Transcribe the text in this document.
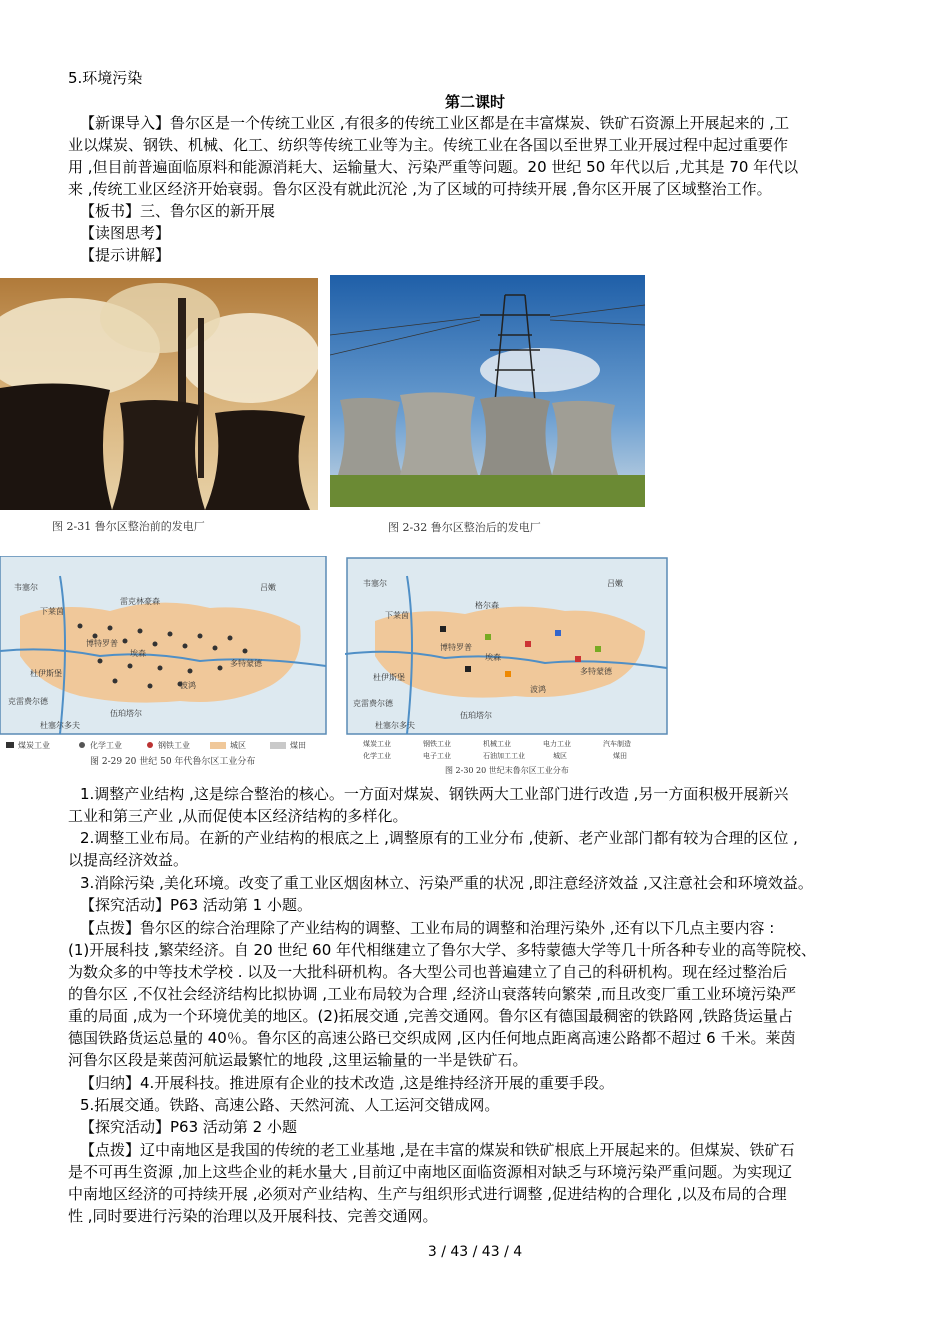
5.环境污染
第二课时
【新课导入】鲁尔区是一个传统工业区 ,有很多的传统工业区都是在丰富煤炭、铁矿石资源上开展起来的 ,工
业以煤炭、钢铁、机械、化工、纺织等传统工业等为主。传统工业在各国以至世界工业开展过程中起过重要作
用 ,但目前普遍面临原料和能源消耗大、运输量大、污染严重等问题。20 世纪 50 年代以后 ,尤其是 70 年代以
来 ,传统工业区经济开始衰弱。鲁尔区没有就此沉沦 ,为了区域的可持续开展 ,鲁尔区开展了区域整治工作。
【板书】三、鲁尔区的新开展
【读图思考】
【提示讲解】
图 2-31 鲁尔区整治前的发电厂	图 2-32 鲁尔区整治后的发电厂
韦塞尔	吕嫩
下莱茵
雷克林豪森
博特罗普
多特蒙德
杜伊斯堡
埃森
波鸿
克雷费尔德
伍珀塔尔
杜塞尔多夫
煤炭工业	化学工业	钢铁工业	城区	煤田
图 2-29 20 世纪 50 年代鲁尔区工业分布
韦塞尔	吕嫩
下莱茵
格尔森
博特罗普
多特蒙德
杜伊斯堡
埃森
波鸿
克雷费尔德
伍珀塔尔
杜塞尔多夫
煤炭工业	钢铁工业	机械工业	电力工业	汽车制造
化学工业	电子工业	石油加工工业	城区	煤田
图 2-30 20 世纪末鲁尔区工业分布
1.调整产业结构 ,这是综合整治的核心。一方面对煤炭、钢铁两大工业部门进行改造 ,另一方面积极开展新兴
工业和第三产业 ,从而促使本区经济结构的多样化。
2.调整工业布局。在新的产业结构的根底之上 ,调整原有的工业分布 ,使新、老产业部门都有较为合理的区位 ,
以提高经济效益。
3.消除污染 ,美化环境。改变了重工业区烟囱林立、污染严重的状况 ,即注意经济效益 ,又注意社会和环境效益。
【探究活动】P63 活动第 1 小题。
【点拨】鲁尔区的综合治理除了产业结构的调整、工业布局的调整和治理污染外 ,还有以下几点主要内容 :
(1)开展科技 ,繁荣经济。自 20 世纪 60 年代相继建立了鲁尔大学、多特蒙德大学等几十所各种专业的高等院校、
为数众多的中等技术学校 . 以及一大批科研机构。各大型公司也普遍建立了自己的科研机构。现在经过整治后
的鲁尔区 ,不仅社会经济结构比拟协调 ,工业布局较为合理 ,经济山衰落转向繁荣 ,而且改变厂重工业环境污染严
重的局面 ,成为一个环境优美的地区。(2)拓展交通 ,完善交通网。鲁尔区有德国最稠密的铁路网 ,铁路货运量占
德国铁路货运总量的 40％。鲁尔区的高速公路已交织成网 ,区内任何地点距离高速公路都不超过 6 千米。莱茵
河鲁尔区段是莱茵河航运最繁忙的地段 ,这里运输量的一半是铁矿石。
【归纳】4.开展科技。推进原有企业的技术改造 ,这是维持经济开展的重要手段。
5.拓展交通。铁路、高速公路、天然河流、人工运河交错成网。
【探究活动】P63 活动第 2 小题
【点拨】辽中南地区是我国的传统的老工业基地 ,是在丰富的煤炭和铁矿根底上开展起来的。但煤炭、铁矿石
是不可再生资源 ,加上这些企业的耗水量大 ,目前辽中南地区面临资源相对缺乏与环境污染严重问题。为实现辽
中南地区经济的可持续开展 ,必须对产业结构、生产与组织形式进行调整 ,促进结构的合理化 ,以及布局的合理
性 ,同时要进行污染的治理以及开展科技、完善交通网。
3 / 43 / 43 / 4
